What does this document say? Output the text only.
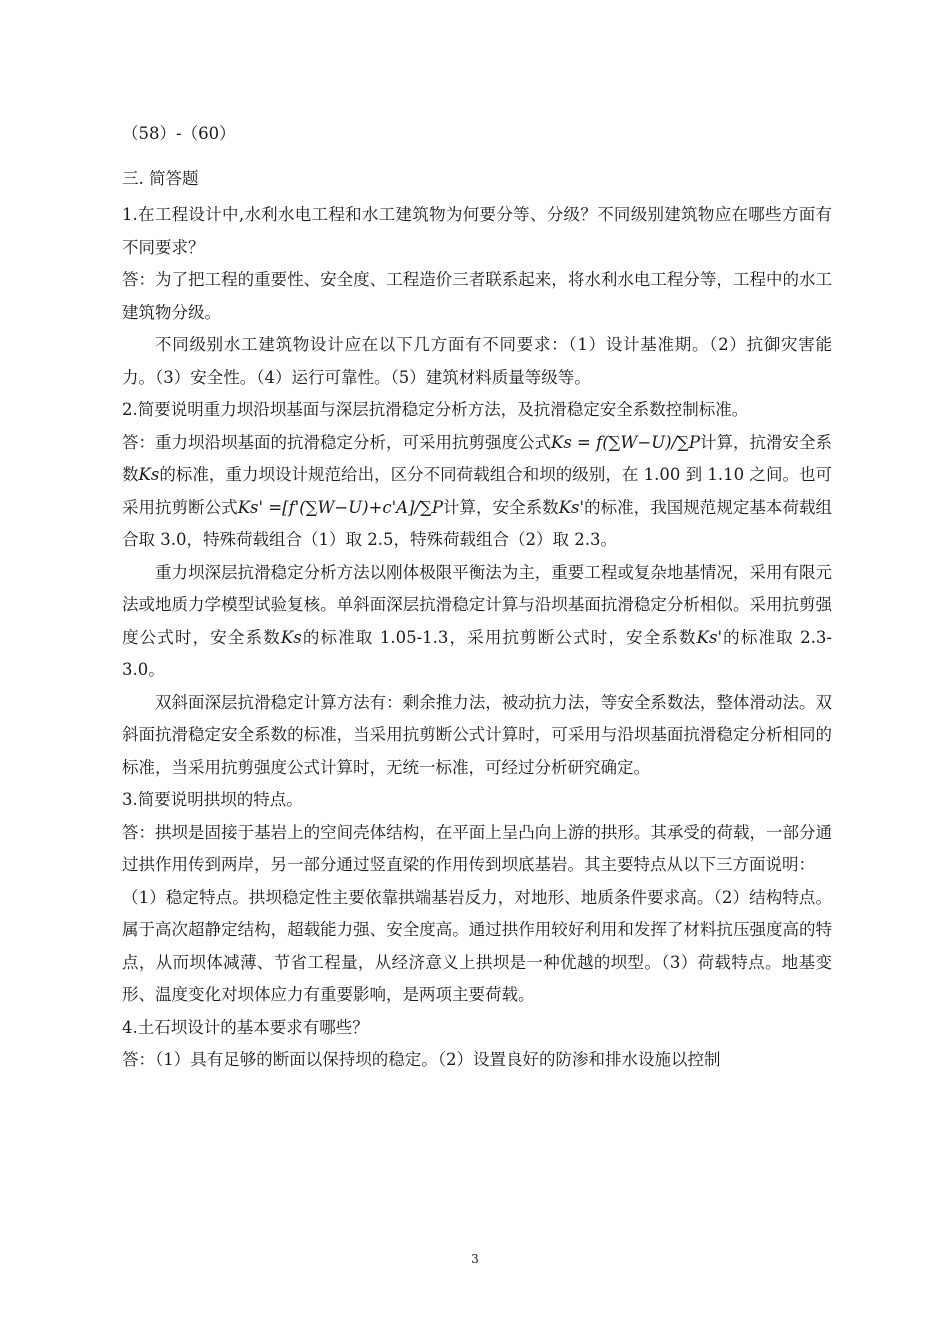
（58）-（60）

三. 简答题

1.在工程设计中,水利水电工程和水工建筑物为何要分等、分级？不同级别建筑物应在哪些方面有不同要求？

答：为了把工程的重要性、安全度、工程造价三者联系起来，将水利水电工程分等，工程中的水工建筑物分级。

不同级别水工建筑物设计应在以下几方面有不同要求：（1）设计基准期。（2）抗御灾害能力。（3）安全性。（4）运行可靠性。（5）建筑材料质量等级等。

2.简要说明重力坝沿坝基面与深层抗滑稳定分析方法，及抗滑稳定安全系数控制标准。

答：重力坝沿坝基面的抗滑稳定分析，可采用抗剪强度公式Ks = f(∑W−U)/∑P计算，抗滑安全系数Ks的标准，重力坝设计规范给出，区分不同荷载组合和坝的级别，在 1.00 到 1.10 之间。也可采用抗剪断公式Ks' =[f'(∑W−U)+c'A]/∑P计算，安全系数Ks'的标准，我国规范规定基本荷载组合取 3.0，特殊荷载组合（1）取 2.5，特殊荷载组合（2）取 2.3。

重力坝深层抗滑稳定分析方法以刚体极限平衡法为主，重要工程或复杂地基情况，采用有限元法或地质力学模型试验复核。单斜面深层抗滑稳定计算与沿坝基面抗滑稳定分析相似。采用抗剪强度公式时，安全系数Ks的标准取 1.05-1.3，采用抗剪断公式时，安全系数Ks'的标准取 2.3-3.0。

双斜面深层抗滑稳定计算方法有：剩余推力法，被动抗力法，等安全系数法，整体滑动法。双斜面抗滑稳定安全系数的标准，当采用抗剪断公式计算时，可采用与沿坝基面抗滑稳定分析相同的标准，当采用抗剪强度公式计算时，无统一标准，可经过分析研究确定。

3.简要说明拱坝的特点。

答：拱坝是固接于基岩上的空间壳体结构，在平面上呈凸向上游的拱形。其承受的荷载，一部分通过拱作用传到两岸，另一部分通过竖直梁的作用传到坝底基岩。其主要特点从以下三方面说明：

（1）稳定特点。拱坝稳定性主要依靠拱端基岩反力，对地形、地质条件要求高。（2）结构特点。属于高次超静定结构，超载能力强、安全度高。通过拱作用较好利用和发挥了材料抗压强度高的特点，从而坝体减薄、节省工程量，从经济意义上拱坝是一种优越的坝型。（3）荷载特点。地基变形、温度变化对坝体应力有重要影响，是两项主要荷载。

4.土石坝设计的基本要求有哪些？

答：（1）具有足够的断面以保持坝的稳定。（2）设置良好的防渗和排水设施以控制

3
